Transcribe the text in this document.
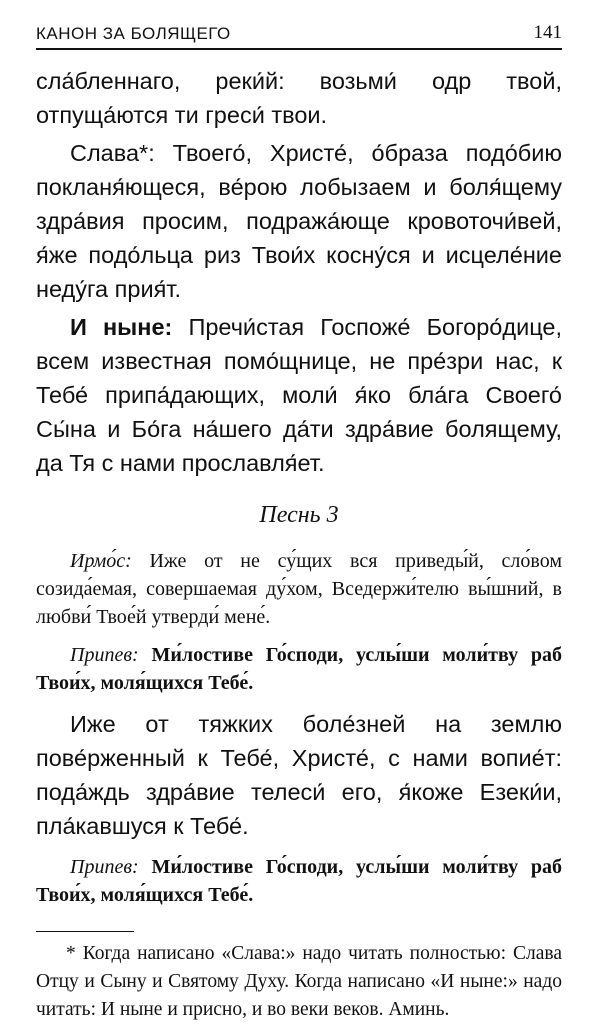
КАНОН ЗА БОЛЯЩЕГО	141

сла́бленнаго, реки́й: возьми́ одр твой, отпуща́ются ти греси́ твои.

Слава*: Твоего́, Христе́, о́браза подо́бию покланя́ющеся, ве́рою лобызаем и боля́щему здра́вия просим, подража́юще кровоточи́вей, я́же подо́льца риз Твои́х косну́ся и исцеле́ние неду́га прия́т.

И ныне: Пречи́стая Госпоже́ Богоро́дице, всем известная помо́щнице, не пре́зри нас, к Тебе́ припа́дающих, моли́ я́ко бла́га Своего́ Сы́на и Бо́га на́шего да́ти здра́вие болящему, да Тя с нами прославля́ет.

Песнь 3

Ирмо́с: Иже от не су́щих вся приведы́й, сло́вом созида́емая, совершаемая ду́хом, Вседержи́телю вы́шний, в любви́ Твое́й утверди́ мене́.

Припев: Ми́лостиве Го́споди, услы́ши моли́тву раб Твои́х, моля́щихся Тебе́.

Иже от тяжких боле́зней на землю пове́рженный к Тебе́, Христе́, с нами вопие́т: пода́ждь здра́вие телеси́ его, я́коже Езеки́и, пла́кавшуся к Тебе́.

Припев: Ми́лостиве Го́споди, услы́ши моли́тву раб Твои́х, моля́щихся Тебе́.

* Когда написано «Слава:» надо читать полностью: Слава Отцу и Сыну и Святому Духу. Когда написано «И ныне:» надо читать: И ныне и присно, и во веки веков. Аминь.
